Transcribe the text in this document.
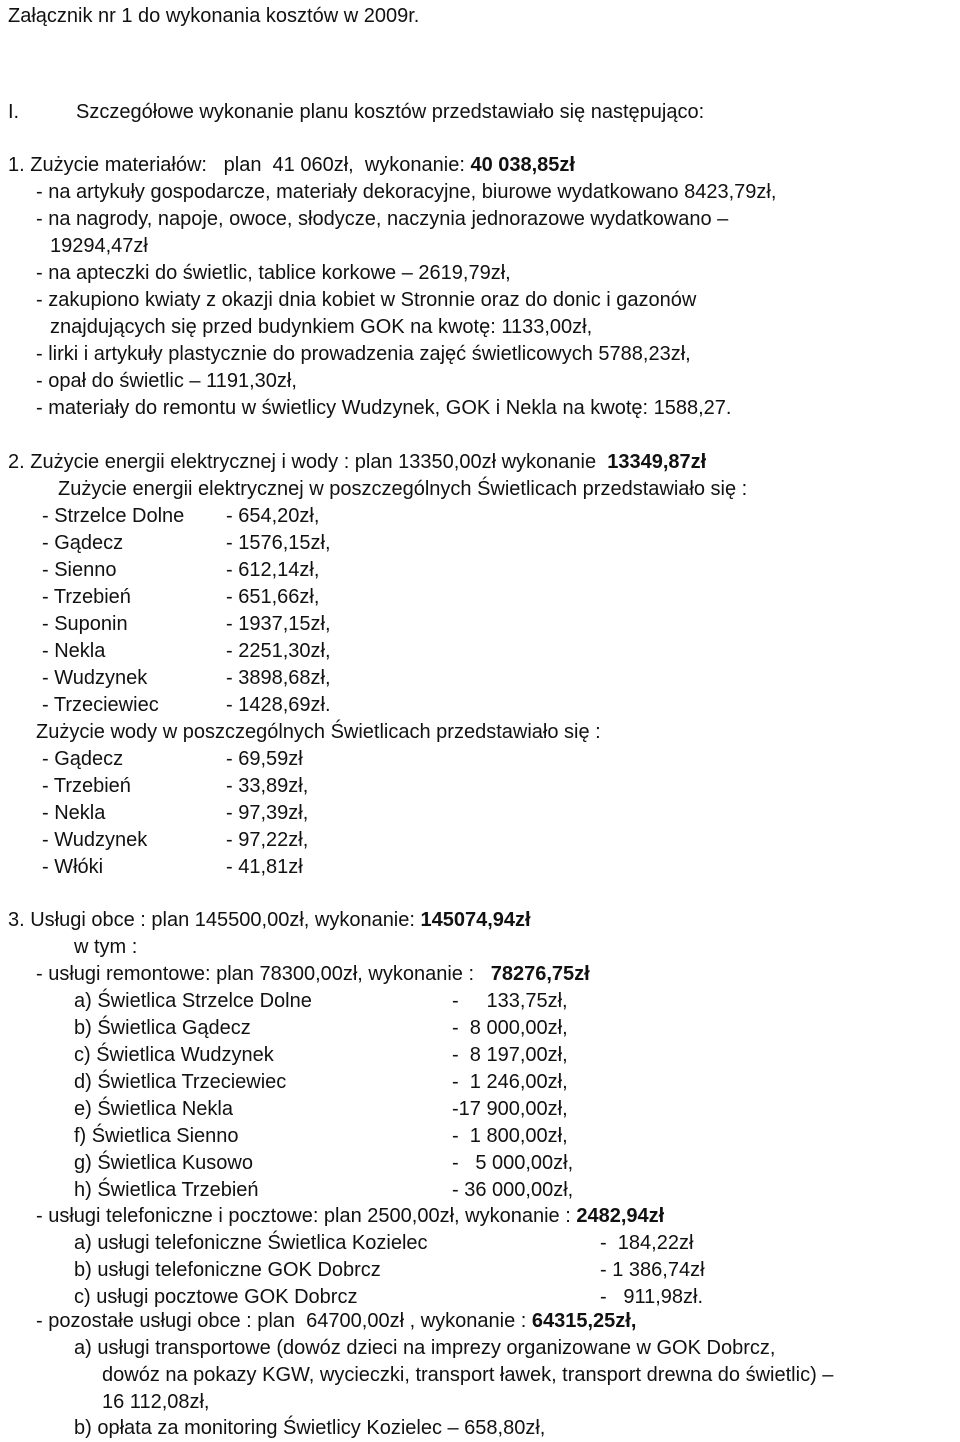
Załącznik nr 1 do wykonania kosztów w 2009r.
I.	Szczegółowe wykonanie planu kosztów przedstawiało się następująco:
1. Zużycie materiałów:   plan  41 060zł,  wykonanie: 40 038,85zł
- na artykuły gospodarcze, materiały dekoracyjne, biurowe wydatkowano 8423,79zł,
- na nagrody, napoje, owoce, słodycze, naczynia jednorazowe wydatkowano –
19294,47zł
- na apteczki do świetlic, tablice korkowe – 2619,79zł,
- zakupiono kwiaty z okazji dnia kobiet w Stronnie oraz do donic i gazonów
znajdujących się przed budynkiem GOK na kwotę: 1133,00zł,
- lirki i artykuły plastycznie do prowadzenia zajęć świetlicowych 5788,23zł,
- opał do świetlic – 1191,30zł,
- materiały do remontu w świetlicy Wudzynek, GOK i Nekla na kwotę: 1588,27.
2. Zużycie energii elektrycznej i wody : plan 13350,00zł wykonanie  13349,87zł
Zużycie energii elektrycznej w poszczególnych Świetlicach przedstawiało się :
- Strzelce Dolne - 654,20zł,
- Gądecz	- 1576,15zł,
- Sienno	- 612,14zł,
- Trzebień	- 651,66zł,
- Suponin	- 1937,15zł,
- Nekla	- 2251,30zł,
- Wudzynek	- 3898,68zł,
- Trzeciewiec	- 1428,69zł.
Zużycie wody w poszczególnych Świetlicach przedstawiało się :
- Gądecz	- 69,59zł
- Trzebień	- 33,89zł,
- Nekla	- 97,39zł,
- Wudzynek	- 97,22zł,
- Włóki	- 41,81zł
3. Usługi obce : plan 145500,00zł, wykonanie: 145074,94zł
w tym :
- usługi remontowe: plan 78300,00zł, wykonanie :   78276,75zł
a) Świetlica Strzelce Dolne	-     133,75zł,
b) Świetlica Gądecz	-  8 000,00zł,
c) Świetlica Wudzynek	-  8 197,00zł,
d) Świetlica Trzeciewiec	-  1 246,00zł,
e) Świetlica Nekla	-17 900,00zł,
f) Świetlica Sienno	-  1 800,00zł,
g) Świetlica Kusowo	-   5 000,00zł,
h) Świetlica Trzebień	- 36 000,00zł,
- usługi telefoniczne i pocztowe: plan 2500,00zł, wykonanie : 2482,94zł
a) usługi telefoniczne Świetlica Kozielec	-  184,22zł
b) usługi telefoniczne GOK Dobrcz	- 1 386,74zł
c) usługi pocztowe GOK Dobrcz	-   911,98zł.
- pozostałe usługi obce : plan  64700,00zł , wykonanie : 64315,25zł,
a) usługi transportowe (dowóz dzieci na imprezy organizowane w GOK Dobrcz,
dowóz na pokazy KGW, wycieczki, transport ławek, transport drewna do świetlic) –
16 112,08zł,
b) opłata za monitoring Świetlicy Kozielec – 658,80zł,
